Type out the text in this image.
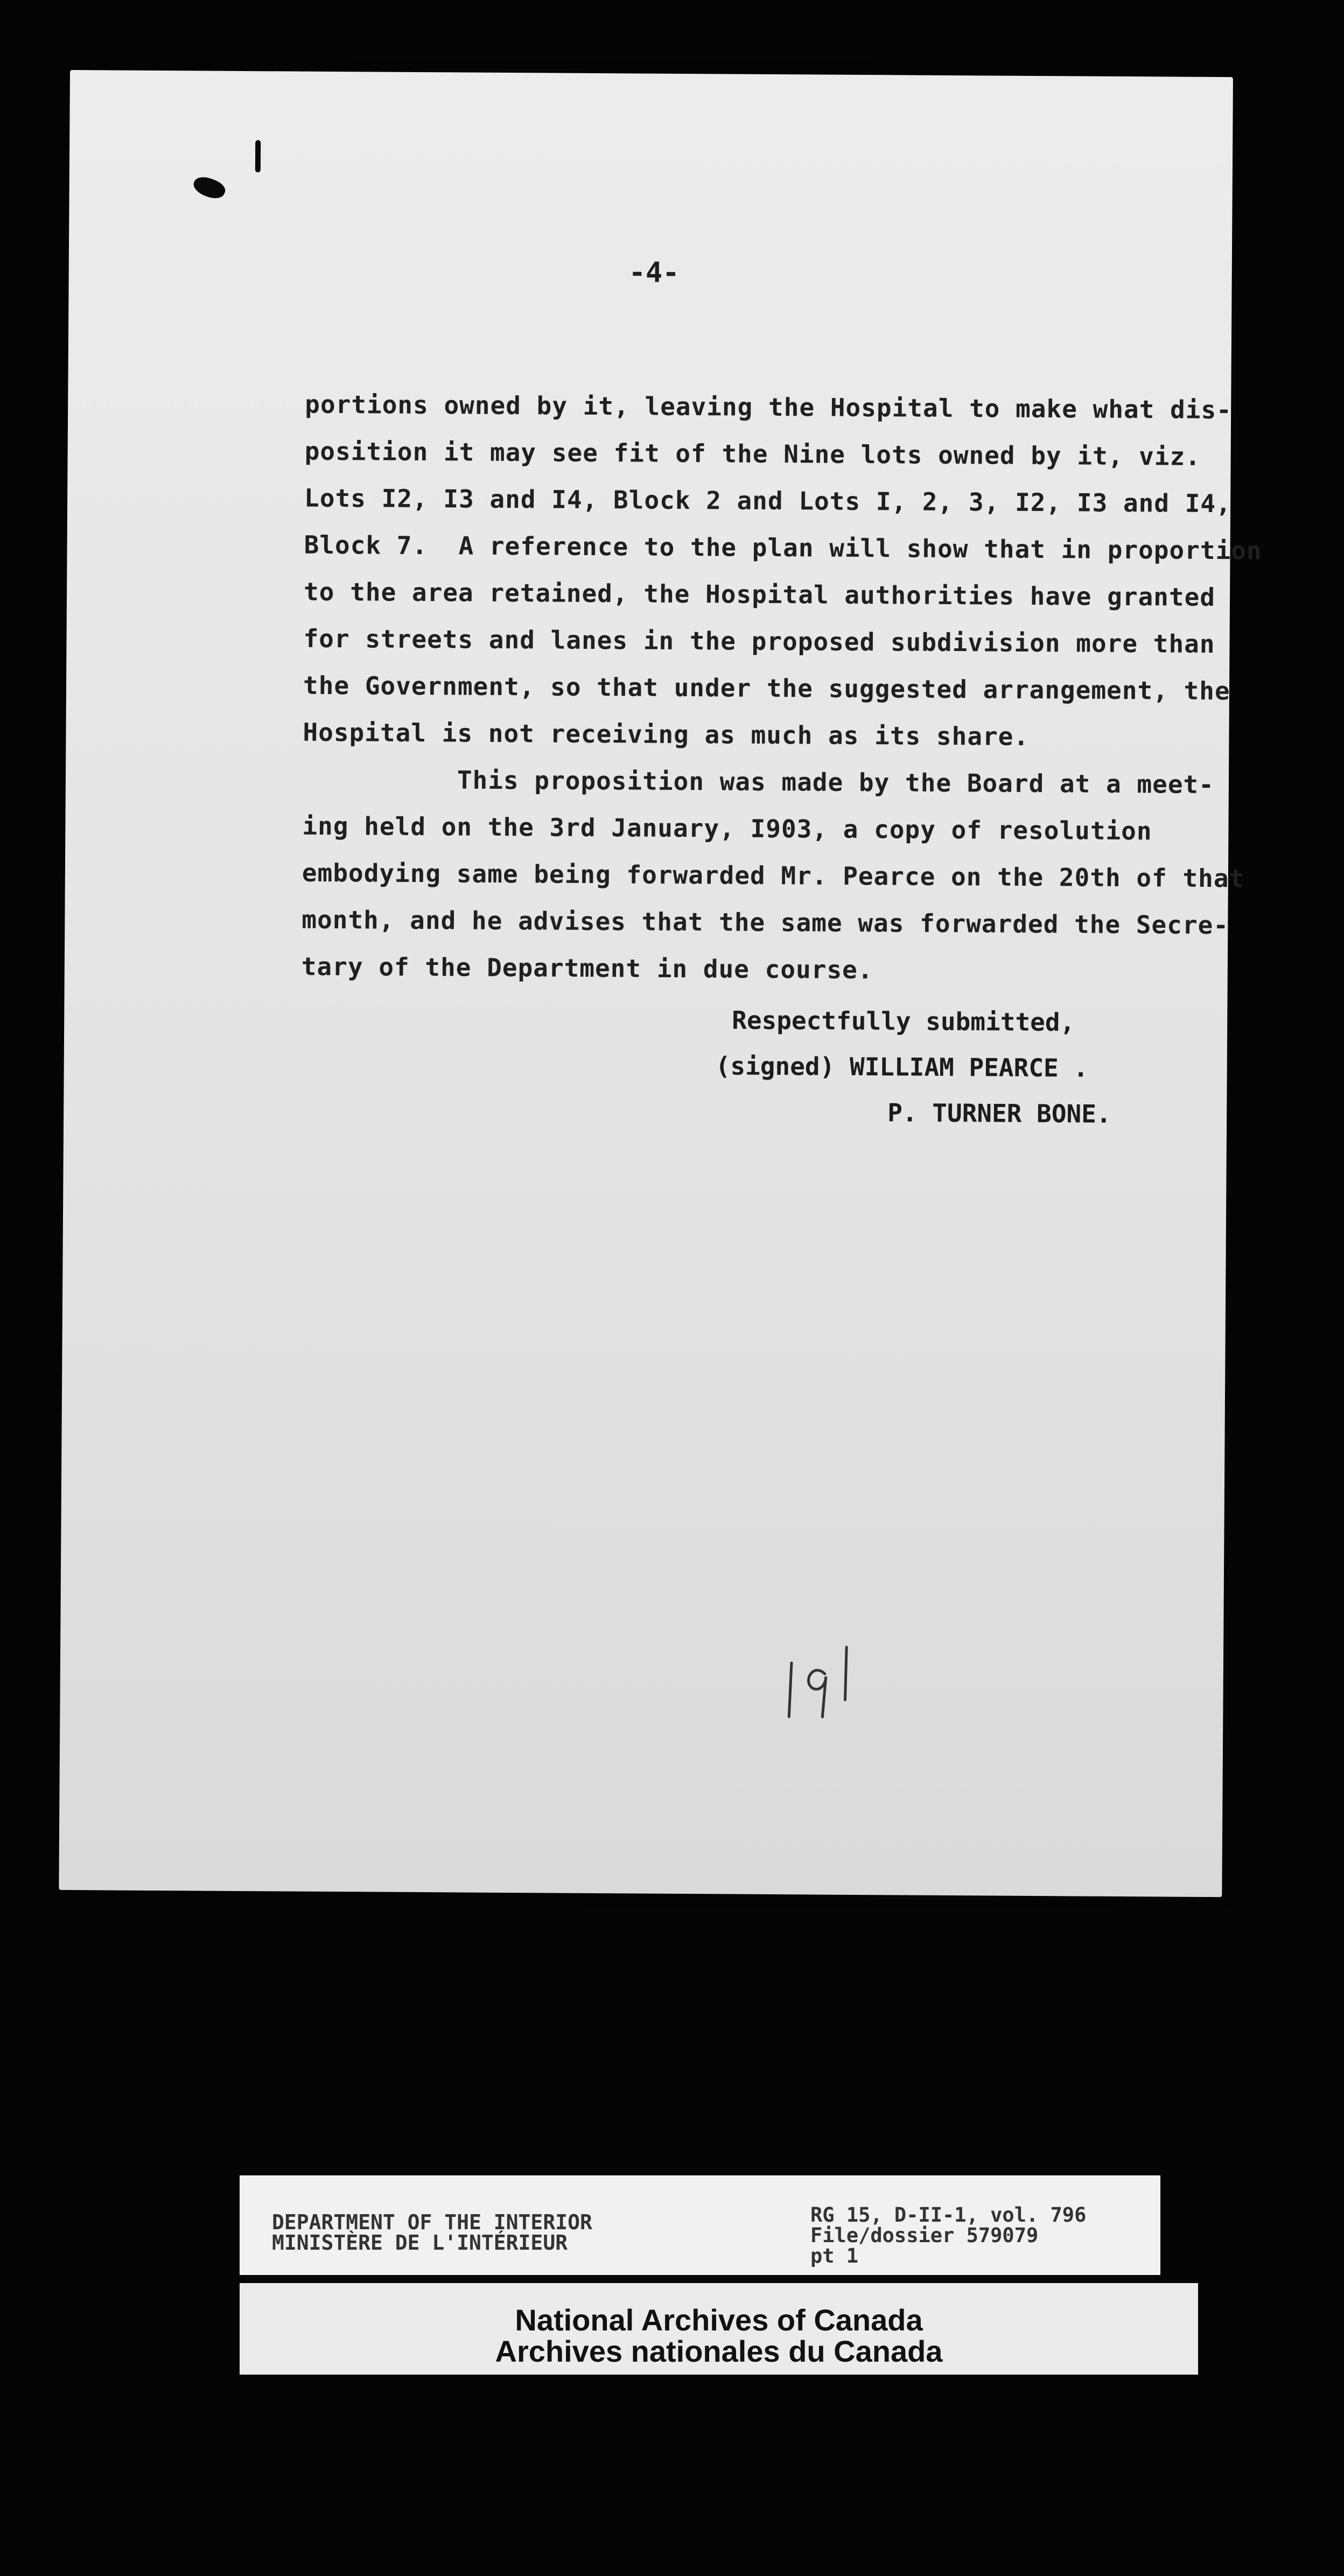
-4-
portions owned by it, leaving the Hospital to make what dis-
position it may see fit of the Nine lots owned by it, viz.
Lots I2, I3 and I4, Block 2 and Lots I, 2, 3, I2, I3 and I4,
Block 7.  A reference to the plan will show that in proportion
to the area retained, the Hospital authorities have granted
for streets and lanes in the proposed subdivision more than
the Government, so that under the suggested arrangement, the
Hospital is not receiving as much as its share.
This proposition was made by the Board at a meet-
ing held on the 3rd January, I903, a copy of resolution
embodying same being forwarded Mr. Pearce on the 20th of that
month, and he advises that the same was forwarded the Secre-
tary of the Department in due course.
Respectfully submitted,
(signed) WILLIAM PEARCE .
P. TURNER BONE.
DEPARTMENT OF THE INTERIOR
MINISTÈRE DE L'INTÉRIEUR
RG 15, D-II-1, vol. 796
File/dossier 579079
pt 1
National Archives of Canada
Archives nationales du Canada
